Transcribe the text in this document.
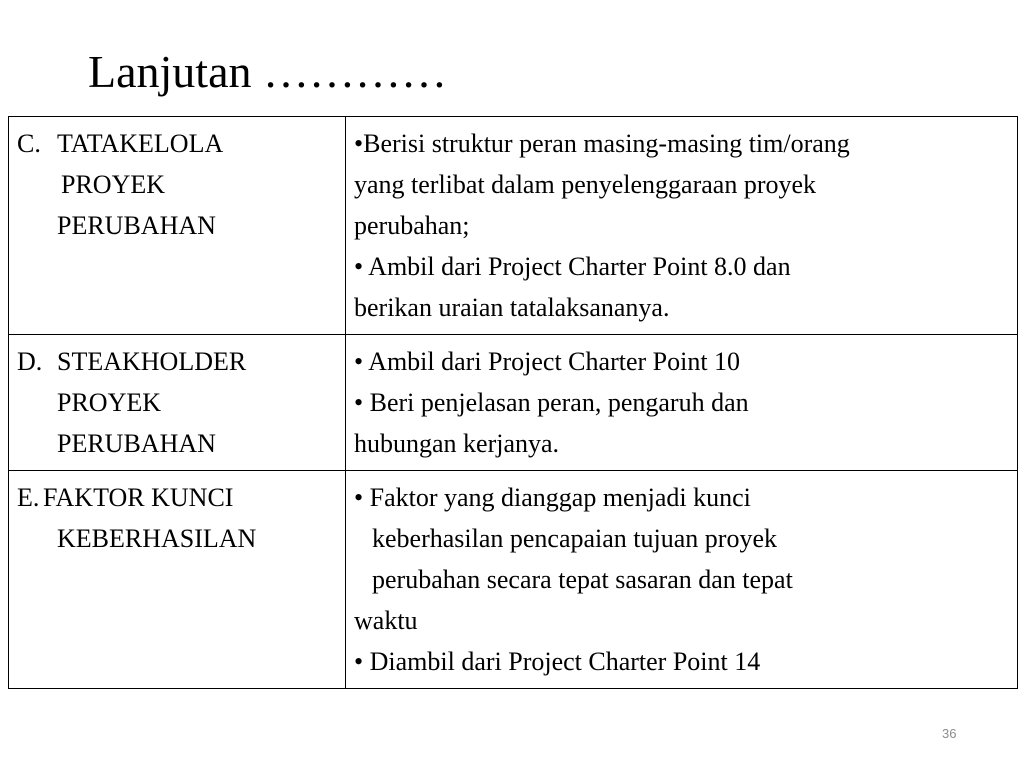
Lanjutan …………
C. TATAKELOLA
PROYEK
PERUBAHAN	•Berisi struktur peran masing-masing tim/orang
yang terlibat dalam penyelenggaraan proyek
perubahan;
• Ambil dari Project Charter Point 8.0 dan
berikan uraian tatalaksananya.

D. STEAKHOLDER
PROYEK
PERUBAHAN	• Ambil dari Project Charter Point 10
• Beri penjelasan peran, pengaruh dan
hubungan kerjanya.

E. FAKTOR KUNCI
KEBERHASILAN	• Faktor yang dianggap menjadi kunci
keberhasilan pencapaian tujuan proyek
perubahan secara tepat sasaran dan tepat
waktu
• Diambil dari Project Charter Point 14
36
